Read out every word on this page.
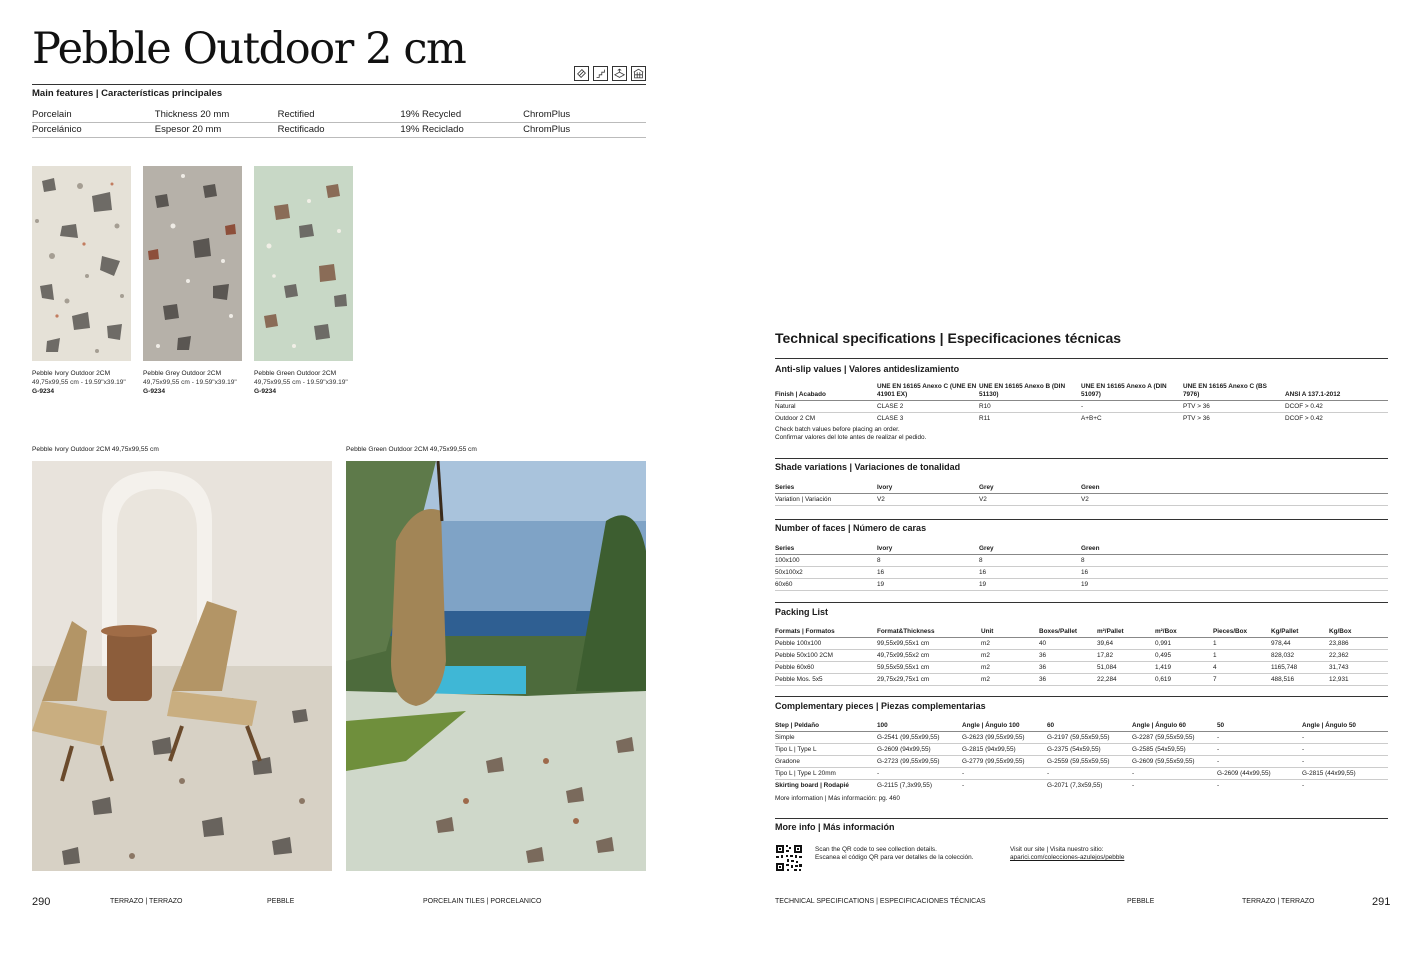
Pebble Outdoor 2 cm
Main features | Características principales
Porcelain	Thickness 20 mm	Rectified	19% Recycled	ChromPlus
Porcelánico	Espesor 20 mm	Rectificado	19% Reciclado	ChromPlus
Pebble Ivory Outdoor 2CM
49,75x99,55 cm - 19.59"x39.19"
G-9234
Pebble Grey Outdoor 2CM
49,75x99,55 cm - 19.59"x39.19"
G-9234
Pebble Green Outdoor 2CM
49,75x99,55 cm - 19.59"x39.19"
G-9234
Pebble Ivory Outdoor 2CM 49,75x99,55 cm	Pebble Green Outdoor 2CM 49,75x99,55 cm
290	TERRAZO | TERRAZO	PEBBLE	PORCELAIN TILES | PORCELANICO
Technical specifications | Especificaciones técnicas
Anti-slip values | Valores antideslizamiento
Finish | Acabado	UNE EN 16165 Anexo C (UNE EN 41901 EX)	UNE EN 16165 Anexo B (DIN 51130)	UNE EN 16165 Anexo A (DIN 51097)	UNE EN 16165 Anexo C (BS 7976)	ANSI A 137.1-2012
Natural	CLASE 2	R10	-	PTV > 36	DCOF > 0.42
Outdoor 2 CM	CLASE 3	R11	A+B+C	PTV > 36	DCOF > 0.42
Check batch values before placing an order.
Confirmar valores del lote antes de realizar el pedido.
Shade variations | Variaciones de tonalidad
Series	Ivory	Grey	Green		
Variation | Variación	V2	V2	V2		
Number of faces | Número de caras
Series	Ivory	Grey	Green		
100x100	8	8	8		
50x100x2	16	16	16		
60x60	19	19	19		
Packing List
Formats | Formatos	Format&Thickness	Unit	Boxes/Pallet	m²/Pallet	m²/Box	Pieces/Box	Kg/Pallet	Kg/Box
Pebble 100x100	99,55x99,55x1 cm	m2	40	39,64	0,991	1	978,44	23,886
Pebble 50x100 2CM	49,75x99,55x2 cm	m2	36	17,82	0,495	1	828,032	22,362
Pebble 60x60	59,55x59,55x1 cm	m2	36	51,084	1,419	4	1165,748	31,743
Pebble Mos. 5x5	29,75x29,75x1 cm	m2	36	22,284	0,619	7	488,516	12,931
Complementary pieces | Piezas complementarias
Step | Peldaño	100	Angle | Ángulo 100	60	Angle | Ángulo 60	50	Angle | Ángulo 50
Simple	G-2541 (99,55x99,55)	G-2623 (99,55x99,55)	G-2197 (59,55x59,55)	G-2287 (59,55x59,55)	-	-
Tipo L | Type L	G-2609 (94x99,55)	G-2815 (94x99,55)	G-2375 (54x59,55)	G-2585 (54x59,55)	-	-
Gradone	G-2723 (99,55x99,55)	G-2779 (99,55x99,55)	G-2559 (59,55x59,55)	G-2609 (59,55x59,55)	-	-
Tipo L | Type L 20mm	-	-	-	-	G-2609 (44x99,55)	G-2815 (44x99,55)
Skirting board | Rodapié	G-2115 (7,3x99,55)	-	G-2071 (7,3x59,55)	-	-	-
More information | Más información: pg. 460
More info | Más información
Scan the QR code to see collection details.
Escanea el código QR para ver detalles de la colección.
Visit our site | Visita nuestro sitio:
aparici.com/colecciones-azulejos/pebble
TECHNICAL SPECIFICATIONS | ESPECIFICACIONES TÉCNICAS	PEBBLE	TERRAZO | TERRAZO	291
